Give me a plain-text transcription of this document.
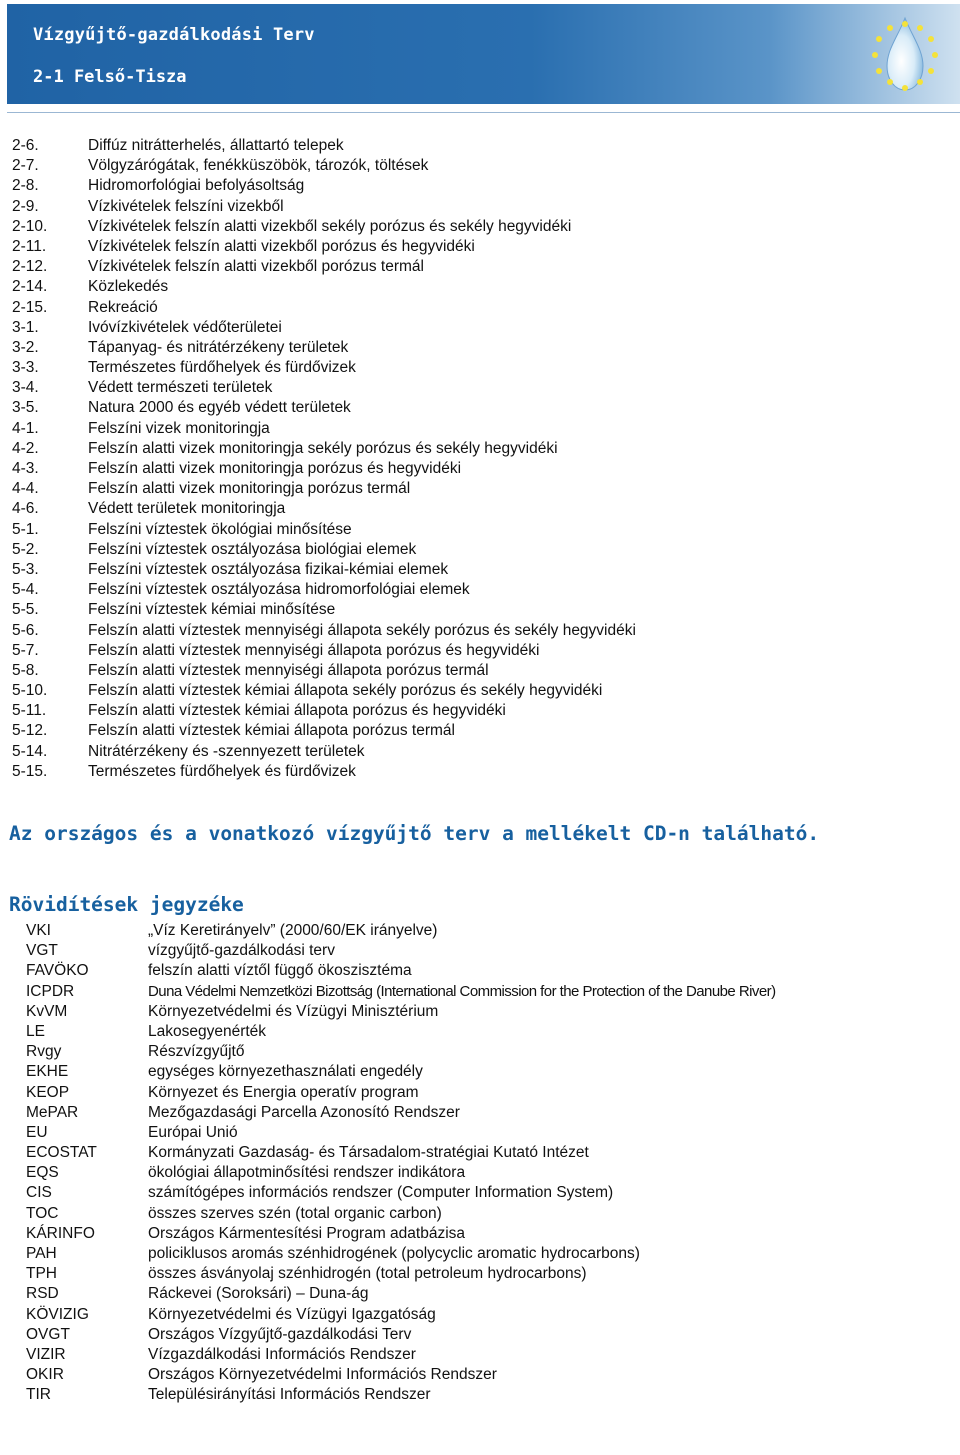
Vízgyűjtő-gazdálkodási Terv
2-1 Felső-Tisza
2-6.	Diffúz nitrátterhelés, állattartó telepek
2-7.	Völgyzárógátak, fenékküszöbök, tározók, töltések
2-8.	Hidromorfológiai befolyásoltság
2-9.	Vízkivételek felszíni vizekből
2-10.	Vízkivételek felszín alatti vizekből sekély porózus és sekély hegyvidéki
2-11.	Vízkivételek felszín alatti vizekből porózus és hegyvidéki
2-12.	Vízkivételek felszín alatti vizekből porózus termál
2-14.	Közlekedés
2-15.	Rekreáció
3-1.	Ivóvízkivételek védőterületei
3-2.	Tápanyag- és nitrátérzékeny területek
3-3.	Természetes fürdőhelyek és fürdővizek
3-4.	Védett természeti területek
3-5.	Natura 2000 és egyéb védett területek
4-1.	Felszíni vizek monitoringja
4-2.	Felszín alatti vizek monitoringja sekély porózus és sekély hegyvidéki
4-3.	Felszín alatti vizek monitoringja porózus és hegyvidéki
4-4.	Felszín alatti vizek monitoringja porózus termál
4-6.	Védett területek monitoringja
5-1.	Felszíni víztestek ökológiai minősítése
5-2.	Felszíni víztestek osztályozása biológiai elemek
5-3.	Felszíni víztestek osztályozása fizikai-kémiai elemek
5-4.	Felszíni víztestek osztályozása hidromorfológiai elemek
5-5.	Felszíni víztestek kémiai minősítése
5-6.	Felszín alatti víztestek mennyiségi állapota sekély porózus és sekély hegyvidéki
5-7.	Felszín alatti víztestek mennyiségi állapota porózus és hegyvidéki
5-8.	Felszín alatti víztestek mennyiségi állapota porózus termál
5-10.	Felszín alatti víztestek kémiai állapota sekély porózus és sekély hegyvidéki
5-11.	Felszín alatti víztestek kémiai állapota porózus és hegyvidéki
5-12.	Felszín alatti víztestek kémiai állapota porózus termál
5-14.	Nitrátérzékeny és -szennyezett területek
5-15.	Természetes fürdőhelyek és fürdővizek
Az országos és a vonatkozó vízgyűjtő terv a mellékelt CD-n található.
Rövidítések jegyzéke
VKI	„Víz Keretirányelv” (2000/60/EK irányelve)
VGT	vízgyűjtő-gazdálkodási terv
FAVÖKO	felszín alatti víztől függő ökoszisztéma
ICPDR	Duna Védelmi Nemzetközi Bizottság (International Commission for the Protection of the Danube River)
KvVM	Környezetvédelmi és Vízügyi Minisztérium
LE	Lakosegyenérték
Rvgy	Részvízgyűjtő
EKHE	egységes környezethasználati engedély
KEOP	Környezet és Energia operatív program
MePAR	Mezőgazdasági Parcella Azonosító Rendszer
EU	Európai Unió
ECOSTAT	Kormányzati Gazdaság- és Társadalom-stratégiai Kutató Intézet
EQS	ökológiai állapotminősítési rendszer indikátora
CIS	számítógépes információs rendszer (Computer Information System)
TOC	összes szerves szén (total organic carbon)
KÁRINFO	Országos Kármentesítési Program adatbázisa
PAH	policiklusos aromás szénhidrogének (polycyclic aromatic hydrocarbons)
TPH	összes ásványolaj szénhidrogén (total petroleum hydrocarbons)
RSD	Ráckevei (Soroksári) – Duna-ág
KÖVIZIG	Környezetvédelmi és Vízügyi Igazgatóság
OVGT	Országos Vízgyűjtő-gazdálkodási Terv
VIZIR	Vízgazdálkodási Információs Rendszer
OKIR	Országos Környezetvédelmi Információs Rendszer
TIR	Településirányítási Információs Rendszer
